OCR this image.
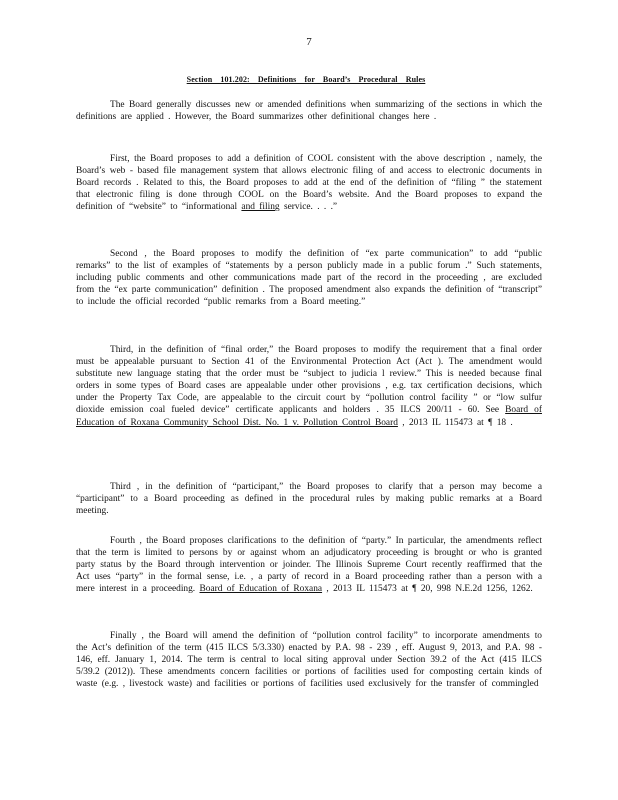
7
Section 101.202: Definitions for Board’s Procedural Rules

The Board generally discusses new or amended definitions when summarizing of the sections in which the definitions are applied . However, the Board summarizes other definitional changes here .

First, the Board proposes to add a definition of COOL consistent with the above description , namely, the Board’s web - based file management system that allows electronic filing of and access to electronic documents in Board records . Related to this, the Board proposes to add at the end of the definition of “filing ” the statement that electronic filing is done through COOL on the Board’s website. And the Board proposes to expand the definition of “website” to “informational and filing service. . . .”

Second , the Board proposes to modify the definition of “ex parte communication” to add “public remarks” to the list of examples of “statements by a person publicly made in a public forum .” Such statements, including public comments and other communications made part of the record in the proceeding , are excluded from the “ex parte communication” definition . The proposed amendment also expands the definition of “transcript” to include the official recorded “public remarks from a Board meeting.”

Third, in the definition of “final order,” the Board proposes to modify the requirement that a final order must be appealable pursuant to Section 41 of the Environmental Protection Act (Act ). The amendment would substitute new language stating that the order must be “subject to judicia l review.” This is needed because final orders in some types of Board cases are appealable under other provisions , e.g. tax certification decisions, which under the Property Tax Code, are appealable to the circuit court by “pollution control facility ” or “low sulfur dioxide emission coal fueled device” certificate applicants and holders . 35 ILCS 200/11 - 60. See Board of Education of Roxana Community School Dist. No. 1 v. Pollution Control Board , 2013 IL 115473 at ¶ 18 .

Third , in the definition of “participant,” the Board proposes to clarify that a person may become a “participant” to a Board proceeding as defined in the procedural rules by making public remarks at a Board meeting.

Fourth , the Board proposes clarifications to the definition of “party.” In particular, the amendments reflect that the term is limited to persons by or against whom an adjudicatory proceeding is brought or who is granted party status by the Board through intervention or joinder. The Illinois Supreme Court recently reaffirmed that the Act uses “party” in the formal sense, i.e. , a party of record in a Board proceeding rather than a person with a mere interest in a proceeding. Board of Education of Roxana , 2013 IL 115473 at ¶ 20, 998 N.E.2d 1256, 1262.

Finally , the Board will amend the definition of “pollution control facility” to incorporate amendments to the Act’s definition of the term (415 ILCS 5/3.330) enacted by P.A. 98 - 239 , eff. August 9, 2013, and P.A. 98 - 146, eff. January 1, 2014. The term is central to local siting approval under Section 39.2 of the Act (415 ILCS 5/39.2 (2012)). These amendments concern facilities or portions of facilities used for composting certain kinds of waste (e.g. , livestock waste) and facilities or portions of facilities used exclusively for the transfer of commingled
